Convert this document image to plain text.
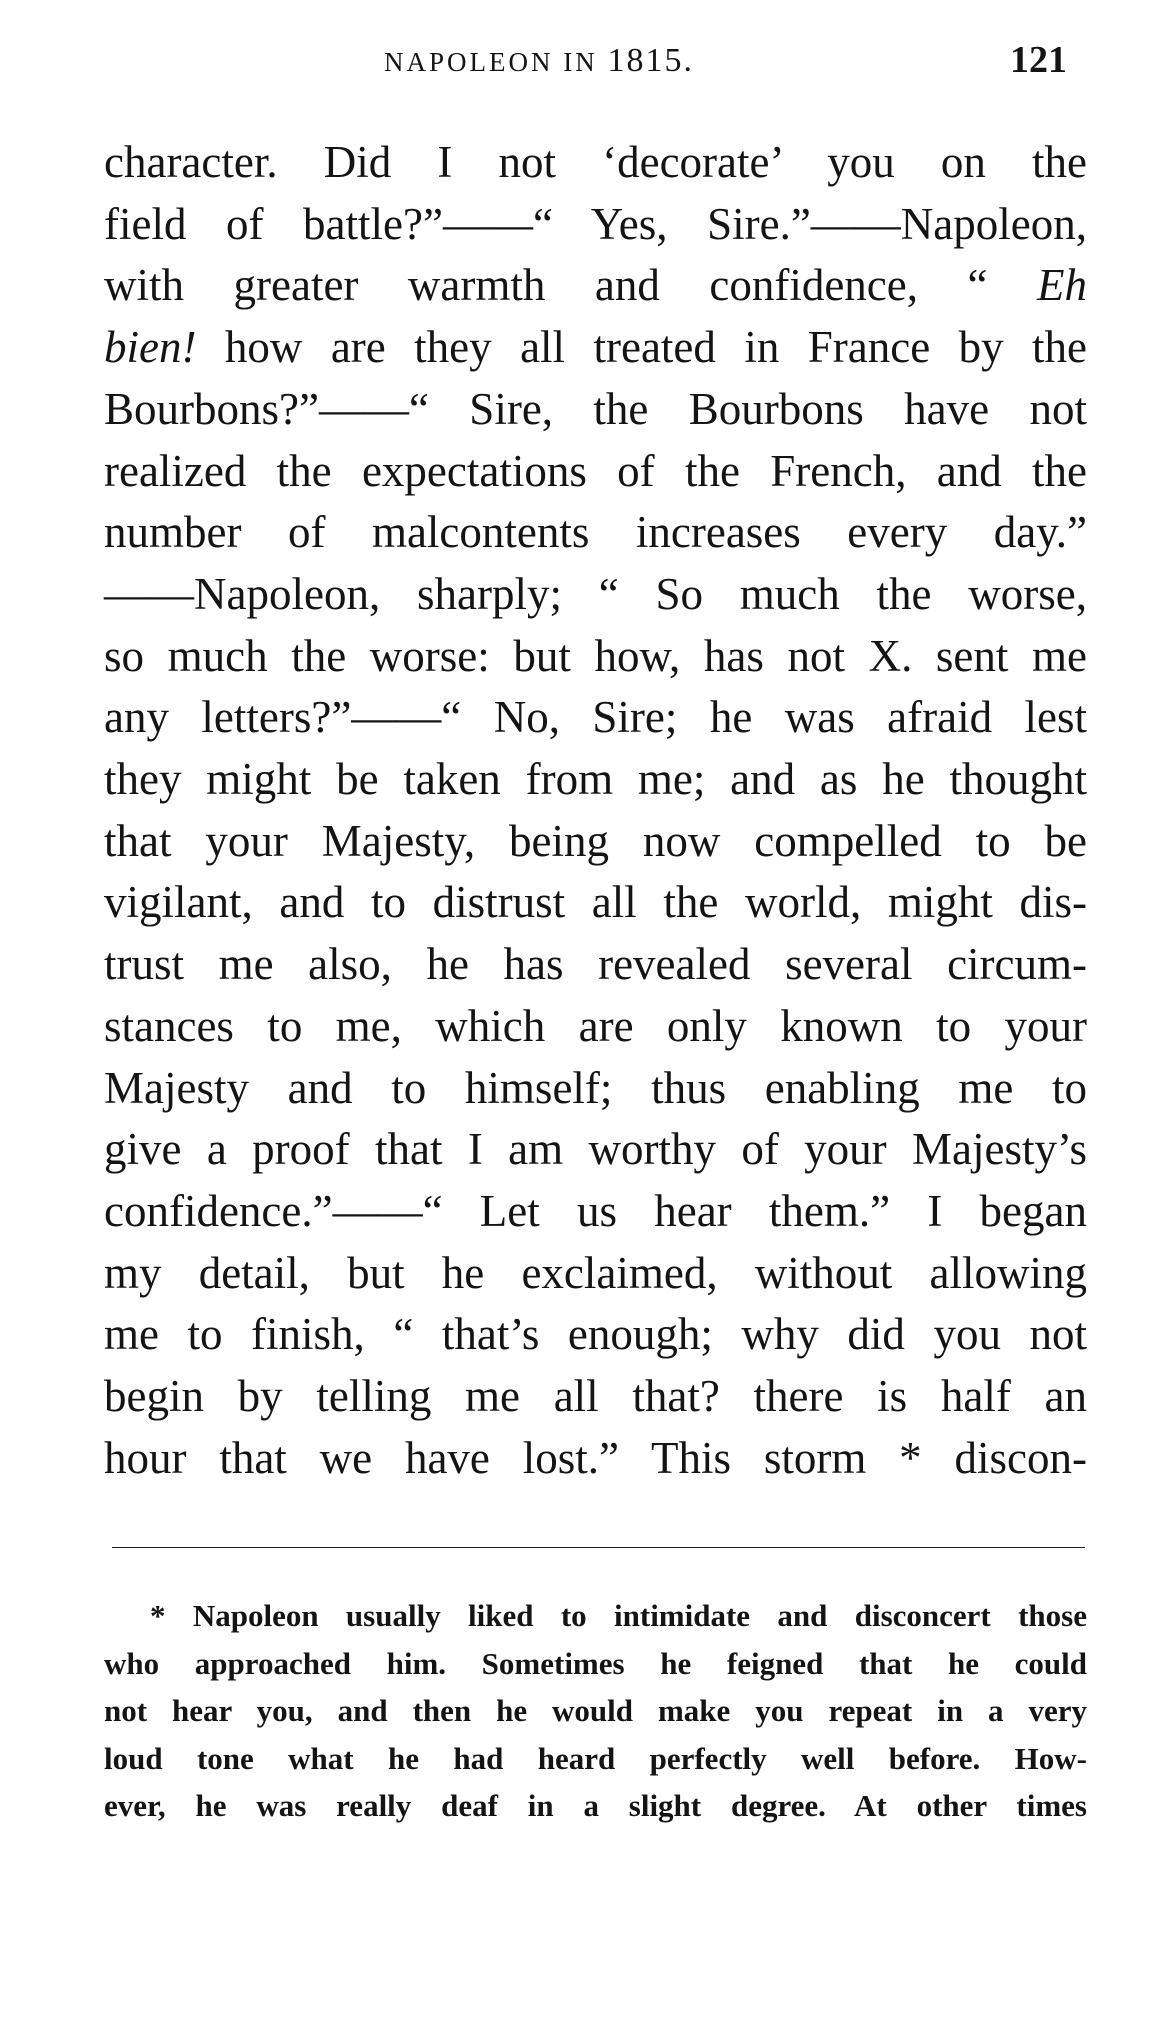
NAPOLEON IN 1815.	121
character. Did I not ‘decorate’ you on the
field of battle?”——“ Yes, Sire.”——Napoleon,
with greater warmth and confidence, “ Eh
bien! how are they all treated in France by the
Bourbons?”——“ Sire, the Bourbons have not
realized the expectations of the French, and the
number of malcontents increases every day.”
——Napoleon, sharply; “ So much the worse,
so much the worse: but how, has not X. sent me
any letters?”——“ No, Sire; he was afraid lest
they might be taken from me; and as he thought
that your Majesty, being now compelled to be
vigilant, and to distrust all the world, might dis-
trust me also, he has revealed several circum-
stances to me, which are only known to your
Majesty and to himself; thus enabling me to
give a proof that I am worthy of your Majesty’s
confidence.”——“ Let us hear them.” I began
my detail, but he exclaimed, without allowing
me to finish, “ that’s enough; why did you not
begin by telling me all that? there is half an
hour that we have lost.” This storm * discon-
* Napoleon usually liked to intimidate and disconcert those
who approached him. Sometimes he feigned that he could
not hear you, and then he would make you repeat in a very
loud tone what he had heard perfectly well before. How-
ever, he was really deaf in a slight degree. At other times
